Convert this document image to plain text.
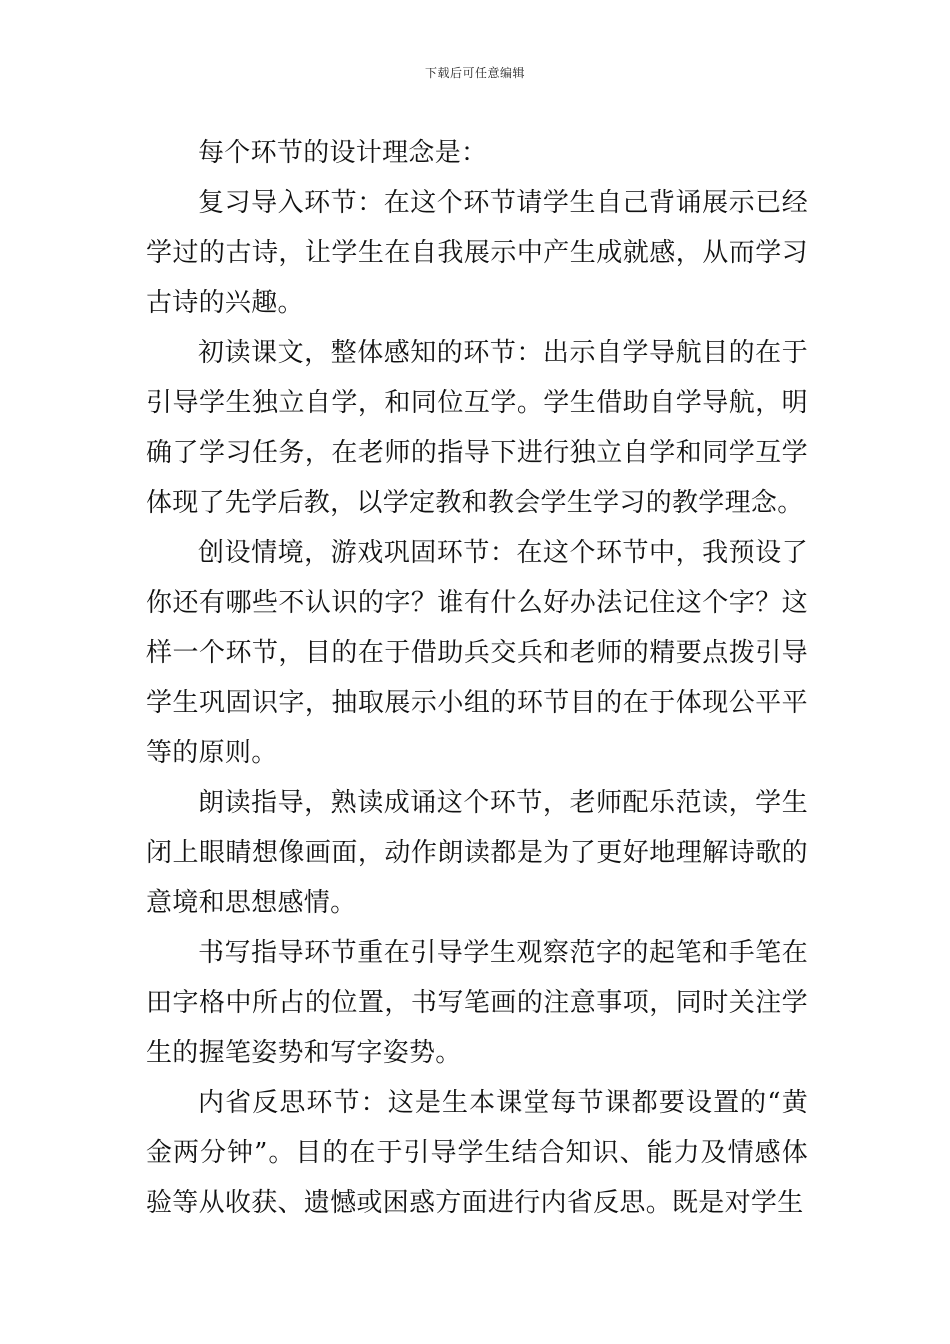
下载后可任意编辑

每个环节的设计理念是：

复习导入环节：在这个环节请学生自己背诵展示已经学过的古诗，让学生在自我展示中产生成就感，从而学习古诗的兴趣。

初读课文，整体感知的环节：出示自学导航目的在于引导学生独立自学，和同位互学。学生借助自学导航，明确了学习任务，在老师的指导下进行独立自学和同学互学体现了先学后教，以学定教和教会学生学习的教学理念。

创设情境，游戏巩固环节：在这个环节中，我预设了你还有哪些不认识的字？谁有什么好办法记住这个字？这样一个环节，目的在于借助兵交兵和老师的精要点拨引导学生巩固识字，抽取展示小组的环节目的在于体现公平平等的原则。

朗读指导，熟读成诵这个环节，老师配乐范读，学生闭上眼睛想像画面，动作朗读都是为了更好地理解诗歌的意境和思想感情。

书写指导环节重在引导学生观察范字的起笔和手笔在田字格中所占的位置，书写笔画的注意事项，同时关注学生的握笔姿势和写字姿势。

内省反思环节：这是生本课堂每节课都要设置的“黄金两分钟”。目的在于引导学生结合知识、能力及情感体验等从收获、遗憾或困惑方面进行内省反思。既是对学生
